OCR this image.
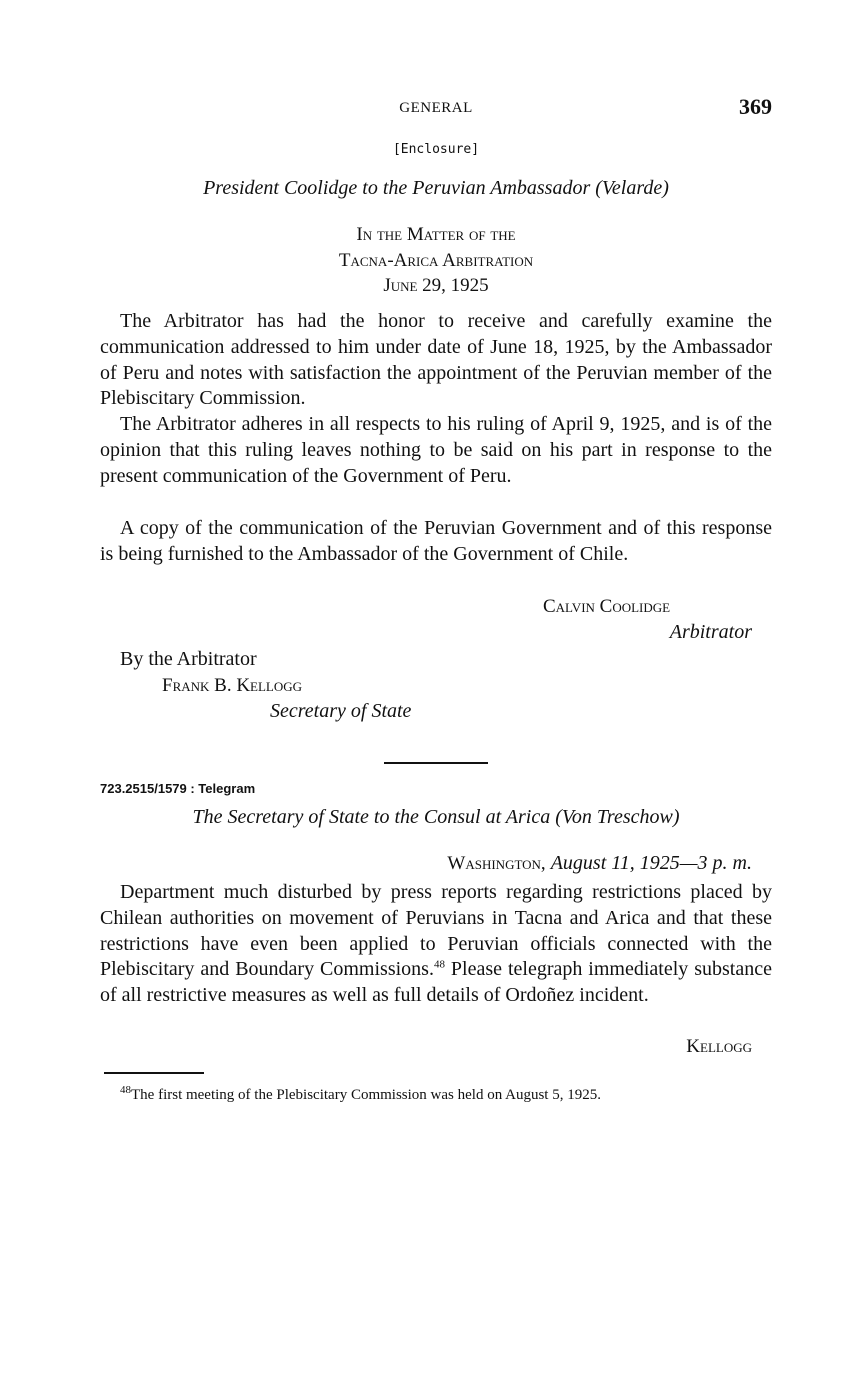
GENERAL	369
[Enclosure]
President Coolidge to the Peruvian Ambassador (Velarde)
In the Matter of the
Tacna-Arica Arbitration
June 29, 1925

The Arbitrator has had the honor to receive and carefully examine the communication addressed to him under date of June 18, 1925, by the Ambassador of Peru and notes with satisfaction the appointment of the Peruvian member of the Plebiscitary Commission.

The Arbitrator adheres in all respects to his ruling of April 9, 1925, and is of the opinion that this ruling leaves nothing to be said on his part in response to the present communication of the Government of Peru.

A copy of the communication of the Peruvian Government and of this response is being furnished to the Ambassador of the Government of Chile.

Calvin Coolidge
Arbitrator
By the Arbitrator
Frank B. Kellogg
Secretary of State
723.2515/1579 : Telegram
The Secretary of State to the Consul at Arica (Von Treschow)
Washington, August 11, 1925—3 p. m.

Department much disturbed by press reports regarding restrictions placed by Chilean authorities on movement of Peruvians in Tacna and Arica and that these restrictions have even been applied to Peruvian officials connected with the Plebiscitary and Boundary Commissions.$^{48}$ Please telegraph immediately substance of all restrictive measures as well as full details of Ordoñez incident.

Kellogg
$^{48}$The first meeting of the Plebiscitary Commission was held on August 5, 1925.
